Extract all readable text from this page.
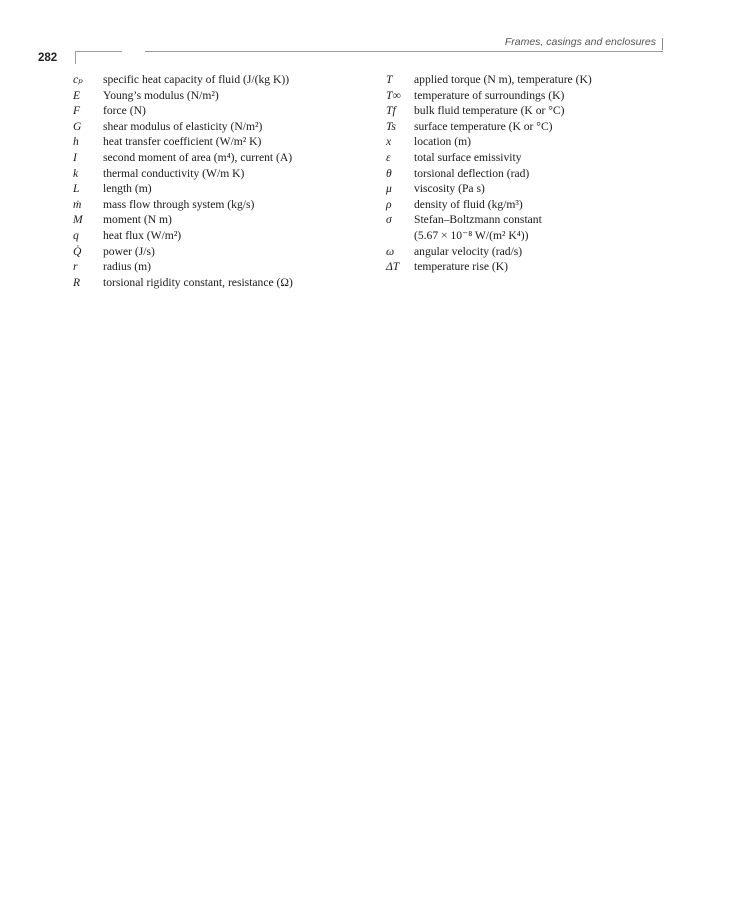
Frames, casings and enclosures
282
cₚ	specific heat capacity of fluid (J/(kg K))
E	Young’s modulus (N/m²)
F	force (N)
G	shear modulus of elasticity (N/m²)
h	heat transfer coefficient (W/m² K)
I	second moment of area (m⁴), current (A)
k	thermal conductivity (W/m K)
L	length (m)
ṁ	mass flow through system (kg/s)
M	moment (N m)
q	heat flux (W/m²)
Q̇	power (J/s)
r	radius (m)
R	torsional rigidity constant, resistance (Ω)
T	applied torque (N m), temperature (K)
T∞	temperature of surroundings (K)
Tf	bulk fluid temperature (K or °C)
Ts	surface temperature (K or °C)
x	location (m)
ε	total surface emissivity
θ	torsional deflection (rad)
μ	viscosity (Pa s)
ρ	density of fluid (kg/m³)
σ	Stefan–Boltzmann constant
(5.67 × 10⁻⁸ W/(m² K⁴))
ω	angular velocity (rad/s)
ΔT	temperature rise (K)
